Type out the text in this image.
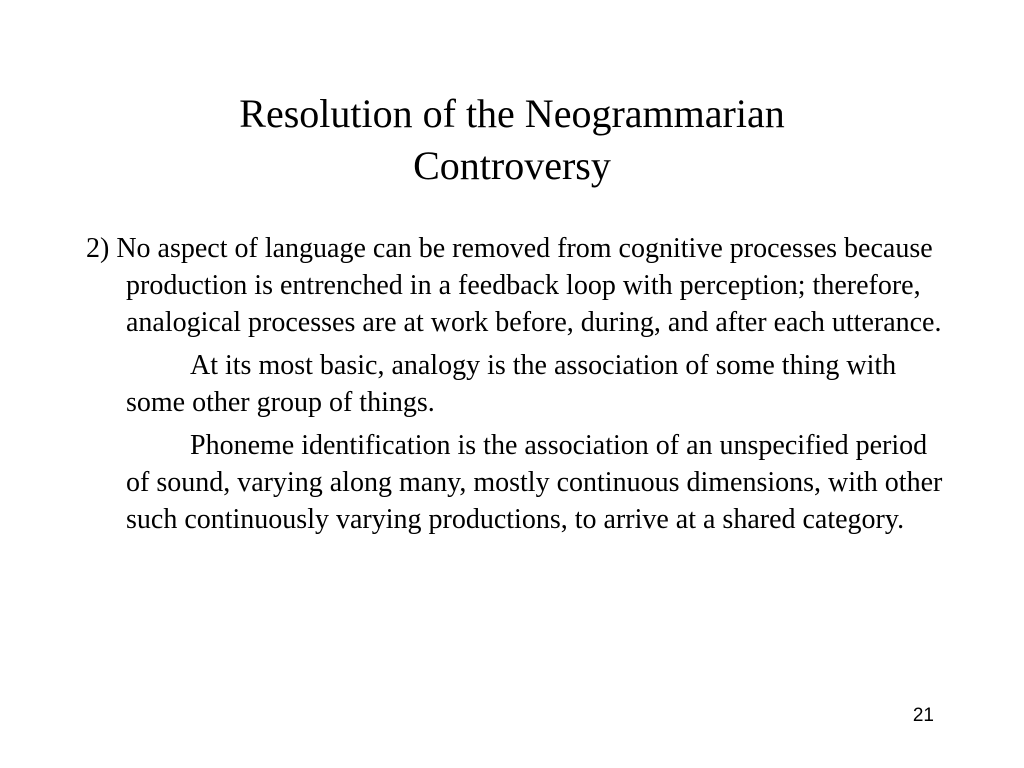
Resolution of the Neogrammarian
Controversy

2) No aspect of language can be removed from cognitive processes because production is entrenched in a feedback loop with perception; therefore, analogical processes are at work before, during, and after each utterance.

At its most basic, analogy is the association of some thing with some other group of things.

Phoneme identification is the association of an unspecified period of sound, varying along many, mostly continuous dimensions, with other such continuously varying productions, to arrive at a shared category.

21
